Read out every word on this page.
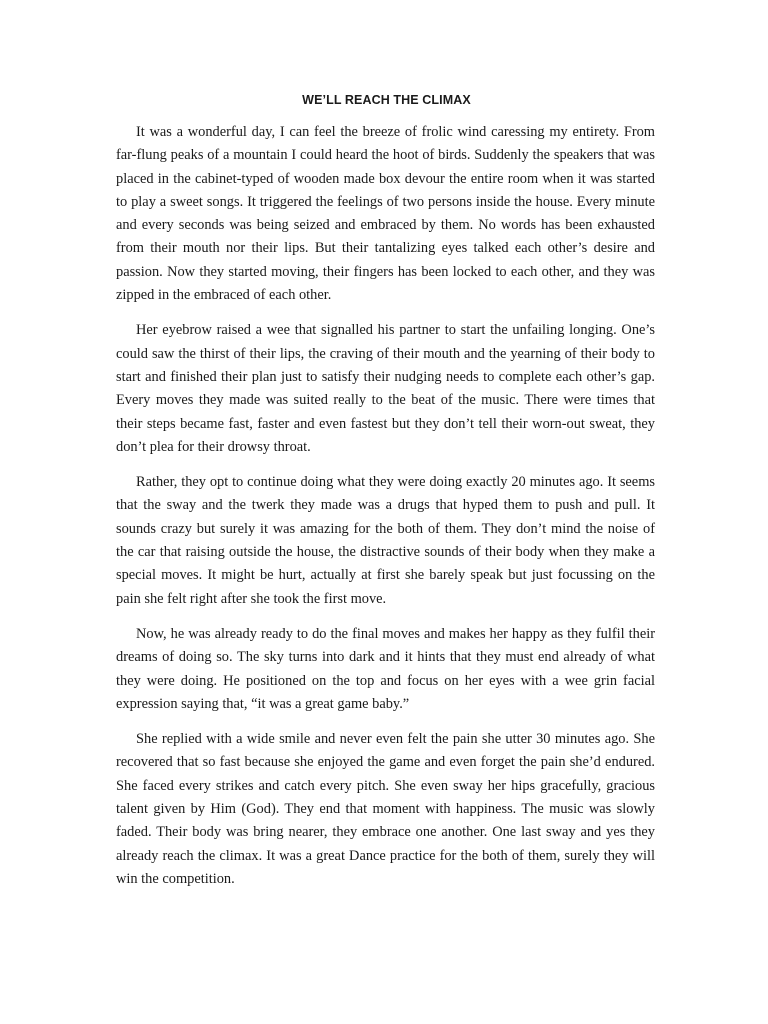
WE’LL REACH THE CLIMAX

It was a wonderful day, I can feel the breeze of frolic wind caressing my entirety. From far-flung peaks of a mountain I could heard the hoot of birds. Suddenly the speakers that was placed in the cabinet-typed of wooden made box devour the entire room when it was started to play a sweet songs. It triggered the feelings of two persons inside the house. Every minute and every seconds was being seized and embraced by them. No words has been exhausted from their mouth nor their lips. But their tantalizing eyes talked each other’s desire and passion. Now they started moving, their fingers has been locked to each other, and they was zipped in the embraced of each other.

Her eyebrow raised a wee that signalled his partner to start the unfailing longing. One’s could saw the thirst of their lips, the craving of their mouth and the yearning of their body to start and finished their plan just to satisfy their nudging needs to complete each other’s gap. Every moves they made was suited really to the beat of the music. There were times that their steps became fast, faster and even fastest but they don’t tell their worn-out sweat, they don’t plea for their drowsy throat.

Rather, they opt to continue doing what they were doing exactly 20 minutes ago. It seems that the sway and the twerk they made was a drugs that hyped them to push and pull. It sounds crazy but surely it was amazing for the both of them. They don’t mind the noise of the car that raising outside the house, the distractive sounds of their body when they make a special moves. It might be hurt, actually at first she barely speak but just focussing on the pain she felt right after she took the first move.

Now, he was already ready to do the final moves and makes her happy as they fulfil their dreams of doing so. The sky turns into dark and it hints that they must end already of what they were doing. He positioned on the top and focus on her eyes with a wee grin facial expression saying that, “it was a great game baby.”

She replied with a wide smile and never even felt the pain she utter 30 minutes ago. She recovered that so fast because she enjoyed the game and even forget the pain she’d endured. She faced every strikes and catch every pitch. She even sway her hips gracefully, gracious talent given by Him (God). They end that moment with happiness. The music was slowly faded. Their body was bring nearer, they embrace one another. One last sway and yes they already reach the climax. It was a great Dance practice for the both of them, surely they will win the competition.
